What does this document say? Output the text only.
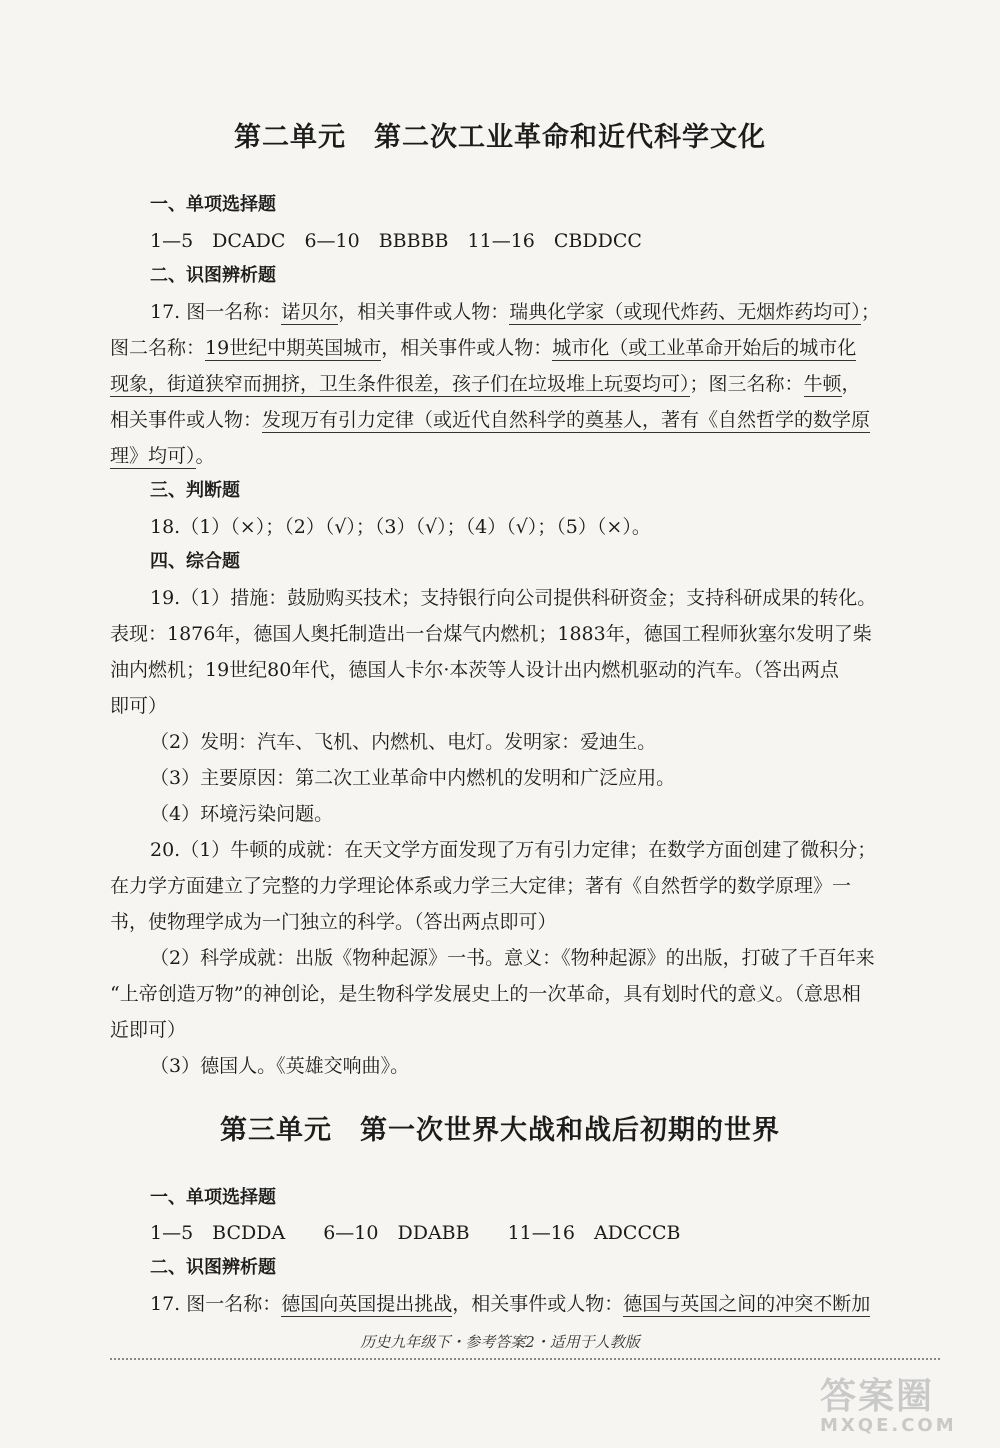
第二单元　第二次工业革命和近代科学文化
一、单项选择题
1—5　DCADC　6—10　BBBBB　11—16　CBDDCC
二、识图辨析题
17. 图一名称：诺贝尔，相关事件或人物：瑞典化学家（或现代炸药、无烟炸药均可）；
图二名称：19世纪中期英国城市，相关事件或人物：城市化（或工业革命开始后的城市化
现象，街道狭窄而拥挤，卫生条件很差，孩子们在垃圾堆上玩耍均可）；图三名称：牛顿，
相关事件或人物：发现万有引力定律（或近代自然科学的奠基人，著有《自然哲学的数学原
理》均可）。
三、判断题
18.（1）（×）；（2）（√）；（3）（√）；（4）（√）；（5）（×）。
四、综合题
19.（1）措施：鼓励购买技术；支持银行向公司提供科研资金；支持科研成果的转化。
表现：1876年，德国人奥托制造出一台煤气内燃机；1883年，德国工程师狄塞尔发明了柴
油内燃机；19世纪80年代，德国人卡尔·本茨等人设计出内燃机驱动的汽车。（答出两点
即可）
（2）发明：汽车、飞机、内燃机、电灯。发明家：爱迪生。
（3）主要原因：第二次工业革命中内燃机的发明和广泛应用。
（4）环境污染问题。
20.（1）牛顿的成就：在天文学方面发现了万有引力定律；在数学方面创建了微积分；
在力学方面建立了完整的力学理论体系或力学三大定律；著有《自然哲学的数学原理》一
书，使物理学成为一门独立的科学。（答出两点即可）
（2）科学成就：出版《物种起源》一书。意义：《物种起源》的出版，打破了千百年来
“上帝创造万物”的神创论，是生物科学发展史上的一次革命，具有划时代的意义。（意思相
近即可）
（3）德国人。《英雄交响曲》。
第三单元　第一次世界大战和战后初期的世界
一、单项选择题
1—5　BCDDA　　6—10　DDABB　　11—16　ADCCCB
二、识图辨析题
17. 图一名称：德国向英国提出挑战，相关事件或人物：德国与英国之间的冲突不断加
历史九年级下・参考答案2・适用于人教版
答案圈
MXQE.COM
